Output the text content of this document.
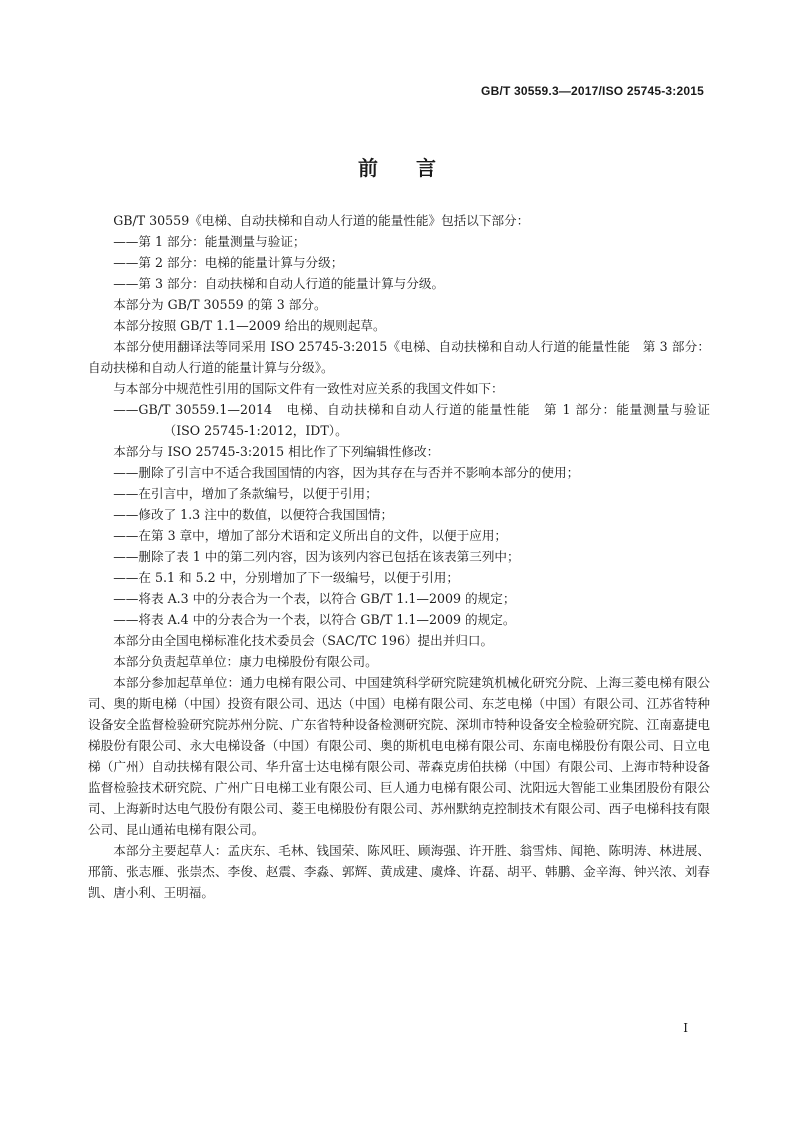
GB/T 30559.3—2017/ISO 25745-3:2015
前言

GB/T 30559《电梯、自动扶梯和自动人行道的能量性能》包括以下部分：

——第 1 部分：能量测量与验证；

——第 2 部分：电梯的能量计算与分级；

——第 3 部分：自动扶梯和自动人行道的能量计算与分级。

本部分为 GB/T 30559 的第 3 部分。

本部分按照 GB/T 1.1—2009 给出的规则起草。

本部分使用翻译法等同采用 ISO 25745-3:2015《电梯、自动扶梯和自动人行道的能量性能　第 3 部分：自动扶梯和自动人行道的能量计算与分级》。

与本部分中规范性引用的国际文件有一致性对应关系的我国文件如下：

——GB/T 30559.1—2014　电梯、自动扶梯和自动人行道的能量性能　第 1 部分：能量测量与验证（ISO 25745-1:2012，IDT）。

本部分与 ISO 25745-3:2015 相比作了下列编辑性修改：

——删除了引言中不适合我国国情的内容，因为其存在与否并不影响本部分的使用；

——在引言中，增加了条款编号，以便于引用；

——修改了 1.3 注中的数值，以便符合我国国情；

——在第 3 章中，增加了部分术语和定义所出自的文件，以便于应用；

——删除了表 1 中的第二列内容，因为该列内容已包括在该表第三列中；

——在 5.1 和 5.2 中，分别增加了下一级编号，以便于引用；

——将表 A.3 中的分表合为一个表，以符合 GB/T 1.1—2009 的规定；

——将表 A.4 中的分表合为一个表，以符合 GB/T 1.1—2009 的规定。

本部分由全国电梯标准化技术委员会（SAC/TC 196）提出并归口。

本部分负责起草单位：康力电梯股份有限公司。

本部分参加起草单位：通力电梯有限公司、中国建筑科学研究院建筑机械化研究分院、上海三菱电梯有限公司、奥的斯电梯（中国）投资有限公司、迅达（中国）电梯有限公司、东芝电梯（中国）有限公司、江苏省特种设备安全监督检验研究院苏州分院、广东省特种设备检测研究院、深圳市特种设备安全检验研究院、江南嘉捷电梯股份有限公司、永大电梯设备（中国）有限公司、奥的斯机电电梯有限公司、东南电梯股份有限公司、日立电梯（广州）自动扶梯有限公司、华升富士达电梯有限公司、蒂森克虏伯扶梯（中国）有限公司、上海市特种设备监督检验技术研究院、广州广日电梯工业有限公司、巨人通力电梯有限公司、沈阳远大智能工业集团股份有限公司、上海新时达电气股份有限公司、菱王电梯股份有限公司、苏州默纳克控制技术有限公司、西子电梯科技有限公司、昆山通祐电梯有限公司。

本部分主要起草人：孟庆东、毛林、钱国荣、陈风旺、顾海强、许开胜、翁雪炜、闻艳、陈明涛、林进展、邢箭、张志雁、张崇杰、李俊、赵震、李淼、郭辉、黄成建、虞烽、许磊、胡平、韩鹏、金辛海、钟兴浓、刘春凯、唐小利、王明福。

I
